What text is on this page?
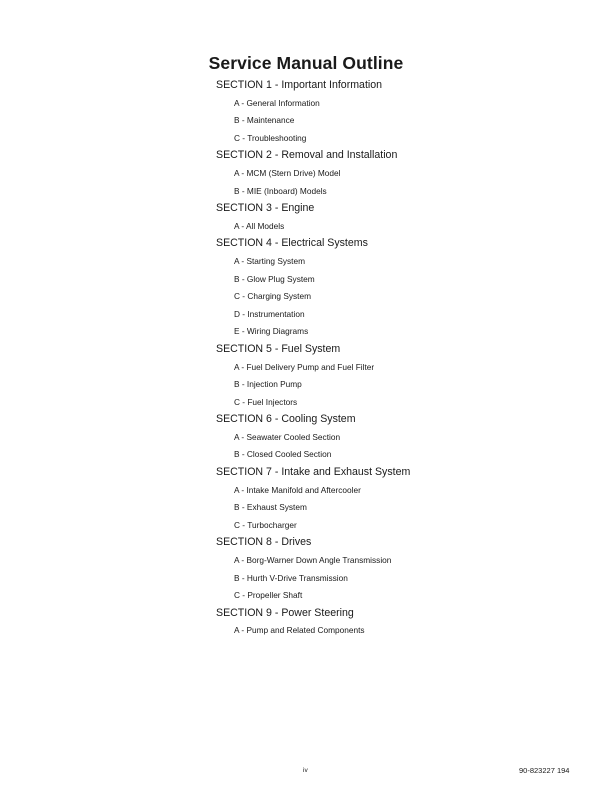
Service Manual Outline
SECTION 1 - Important Information
A - General Information
B - Maintenance
C - Troubleshooting
SECTION 2 - Removal and Installation
A - MCM (Stern Drive) Model
B - MIE (Inboard) Models
SECTION 3 - Engine
A - All Models
SECTION 4 - Electrical Systems
A - Starting System
B - Glow Plug System
C - Charging System
D - Instrumentation
E - Wiring Diagrams
SECTION 5 - Fuel System
A - Fuel Delivery Pump and Fuel Filter
B - Injection Pump
C - Fuel Injectors
SECTION 6 - Cooling System
A - Seawater Cooled Section
B - Closed Cooled Section
SECTION 7 - Intake and Exhaust System
A - Intake Manifold and Aftercooler
B - Exhaust System
C - Turbocharger
SECTION 8 - Drives
A - Borg-Warner Down Angle Transmission
B - Hurth V-Drive Transmission
C - Propeller Shaft
SECTION 9 - Power Steering
A - Pump and Related Components
iv	90-823227 194
